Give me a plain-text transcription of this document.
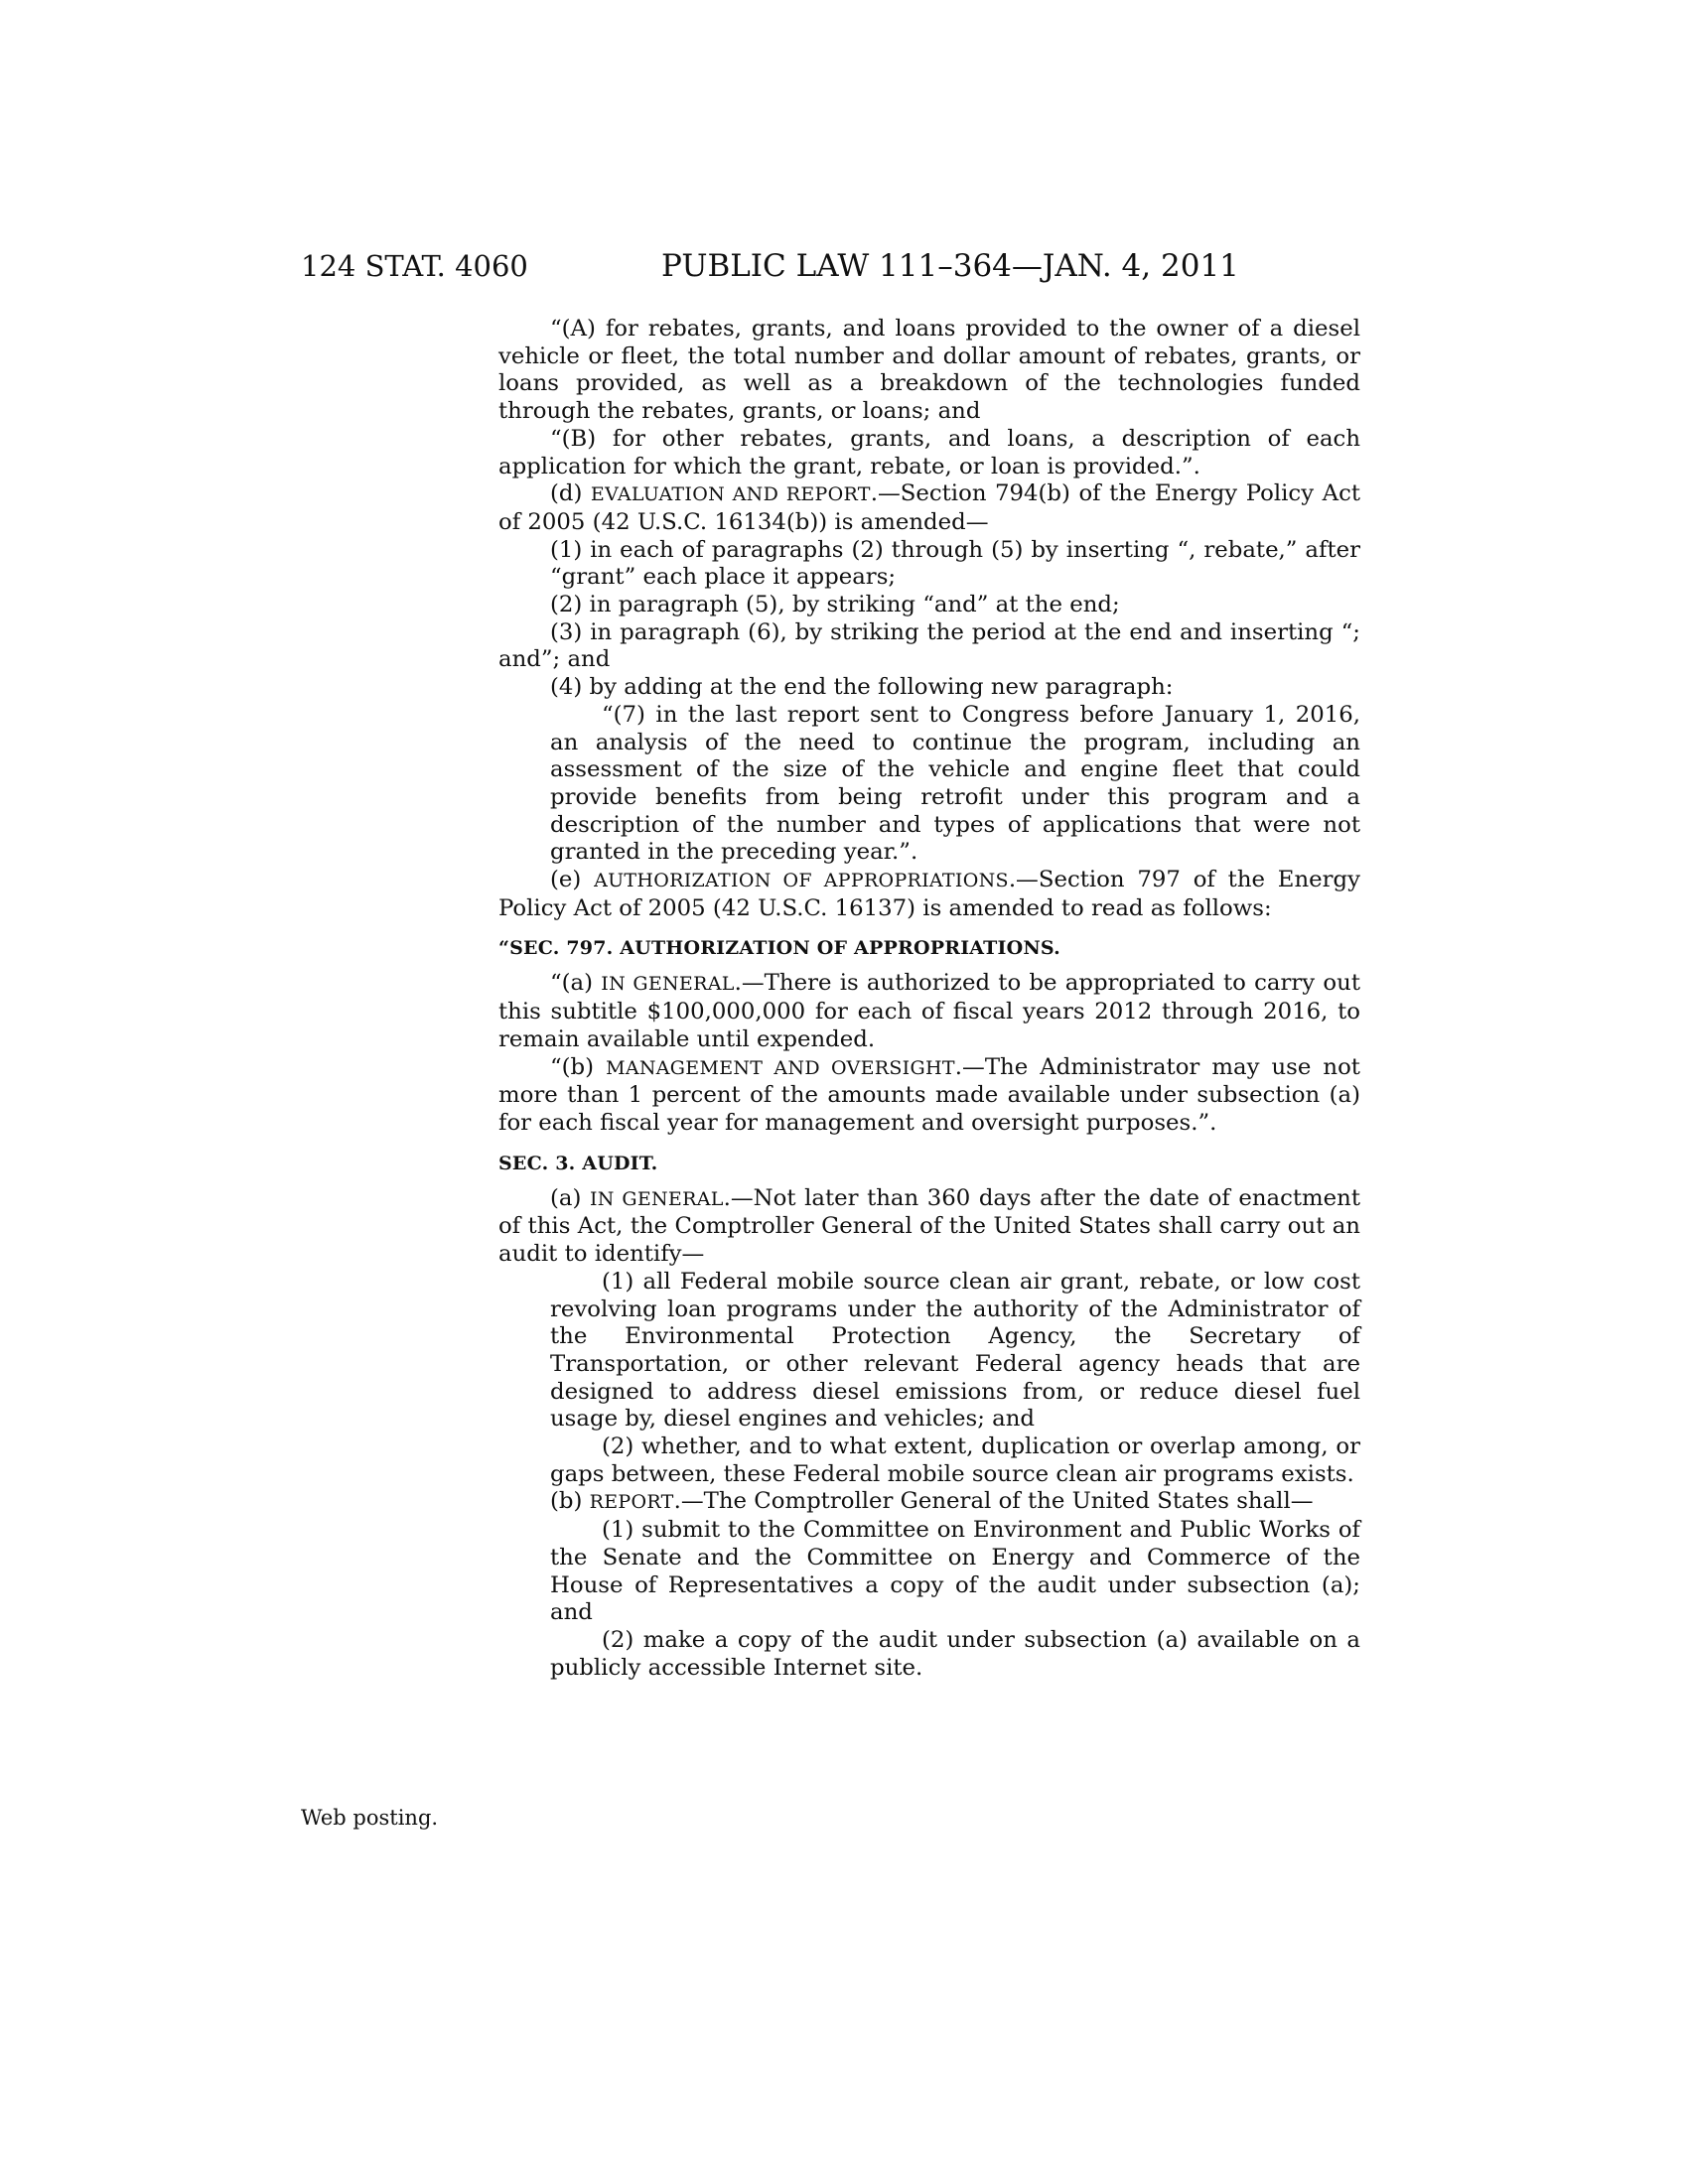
124 STAT. 4060	PUBLIC LAW 111–364—JAN. 4, 2011
Web posting.

“(A) for rebates, grants, and loans provided to the owner of a diesel vehicle or fleet, the total number and dollar amount of rebates, grants, or loans provided, as well as a breakdown of the technologies funded through the rebates, grants, or loans; and

“(B) for other rebates, grants, and loans, a description of each application for which the grant, rebate, or loan is provided.”.

(d) EVALUATION AND REPORT.—Section 794(b) of the Energy Policy Act of 2005 (42 U.S.C. 16134(b)) is amended—

(1) in each of paragraphs (2) through (5) by inserting “, rebate,” after “grant” each place it appears;

(2) in paragraph (5), by striking “and” at the end;

(3) in paragraph (6), by striking the period at the end and inserting “; and”; and

(4) by adding at the end the following new paragraph:

“(7) in the last report sent to Congress before January 1, 2016, an analysis of the need to continue the program, including an assessment of the size of the vehicle and engine fleet that could provide benefits from being retrofit under this program and a description of the number and types of applications that were not granted in the preceding year.”.

(e) AUTHORIZATION OF APPROPRIATIONS.—Section 797 of the Energy Policy Act of 2005 (42 U.S.C. 16137) is amended to read as follows:

“SEC. 797. AUTHORIZATION OF APPROPRIATIONS.

“(a) IN GENERAL.—There is authorized to be appropriated to carry out this subtitle $100,000,000 for each of fiscal years 2012 through 2016, to remain available until expended.

“(b) MANAGEMENT AND OVERSIGHT.—The Administrator may use not more than 1 percent of the amounts made available under subsection (a) for each fiscal year for management and oversight purposes.”.

SEC. 3. AUDIT.

(a) IN GENERAL.—Not later than 360 days after the date of enactment of this Act, the Comptroller General of the United States shall carry out an audit to identify—

(1) all Federal mobile source clean air grant, rebate, or low cost revolving loan programs under the authority of the Administrator of the Environmental Protection Agency, the Secretary of Transportation, or other relevant Federal agency heads that are designed to address diesel emissions from, or reduce diesel fuel usage by, diesel engines and vehicles; and

(2) whether, and to what extent, duplication or overlap among, or gaps between, these Federal mobile source clean air programs exists.

(b) REPORT.—The Comptroller General of the United States shall—

(1) submit to the Committee on Environment and Public Works of the Senate and the Committee on Energy and Commerce of the House of Representatives a copy of the audit under subsection (a); and

(2) make a copy of the audit under subsection (a) available on a publicly accessible Internet site.
